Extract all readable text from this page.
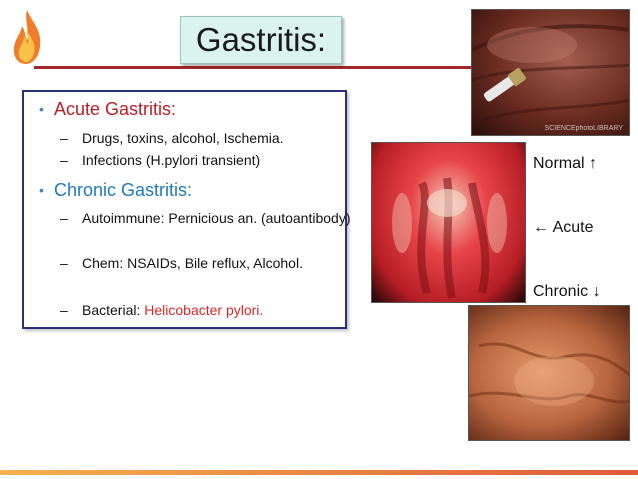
Gastritis:
• Acute Gastritis:
– Drugs, toxins, alcohol, Ischemia.
– Infections (H.pylori transient)
• Chronic Gastritis:
– Autoimmune: Pernicious an. (autoantibody)
– Chem: NSAIDs, Bile reflux, Alcohol.
– Bacterial: Helicobacter pylori.
SCIENCEphotoLIBRARY
Normal ↑
← Acute
Chronic ↓
